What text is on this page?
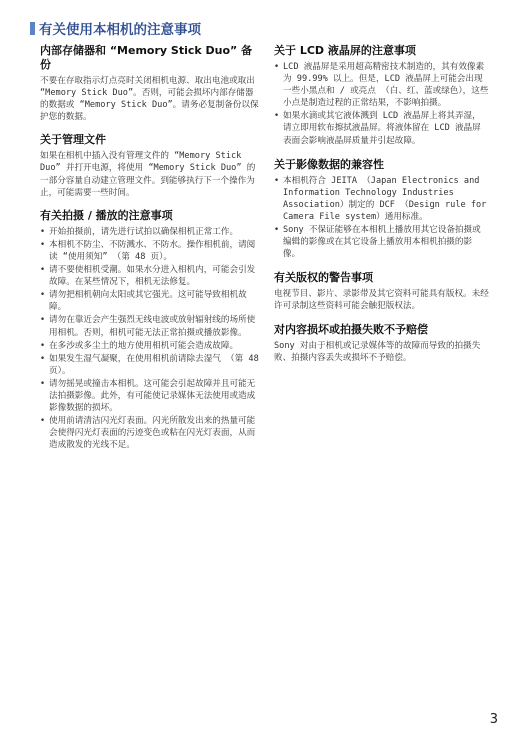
有关使用本相机的注意事项
内部存储器和 “Memory Stick Duo” 备份

不要在存取指示灯点亮时关闭相机电源、取出电池或取出 “Memory Stick Duo”。否则，可能会损坏内部存储器的数据或 “Memory Stick Duo”。请务必复制备份以保护您的数据。

关于管理文件

如果在相机中插入没有管理文件的 “Memory Stick Duo” 并打开电源，将使用 “Memory Stick Duo” 的一部分容量自动建立管理文件。到能够执行下一个操作为止，可能需要一些时间。

有关拍摄 / 播放的注意事项
• 开始拍摄前，请先进行试拍以确保相机正常工作。
• 本相机不防尘、不防溅水、不防水。操作相机前，请阅读 “使用须知” （第 48 页）。
• 请不要使相机受潮。如果水分进入相机内，可能会引发故障。在某些情况下，相机无法修复。
• 请勿把相机朝向太阳或其它强光。这可能导致相机故障。
• 请勿在靠近会产生强烈无线电波或放射辐射线的场所使用相机。否则，相机可能无法正常拍摄或播放影像。
• 在多沙或多尘土的地方使用相机可能会造成故障。
• 如果发生湿气凝聚，在使用相机前请除去湿气 （第 48 页）。
• 请勿摇晃或撞击本相机。这可能会引起故障并且可能无法拍摄影像。此外，有可能使记录媒体无法使用或造成影像数据的损坏。
• 使用前请清洁闪光灯表面。闪光所散发出来的热量可能会使得闪光灯表面的污迹变色或粘在闪光灯表面，从而造成散发的光线不足。
关于 LCD 液晶屏的注意事项
• LCD 液晶屏是采用超高精密技术制造的，其有效像素为 99.99% 以上。但是，LCD 液晶屏上可能会出现一些小黑点和 / 或亮点 （白、红、蓝或绿色），这些小点是制造过程的正常结果，不影响拍摄。
• 如果水滴或其它液体溅到 LCD 液晶屏上将其弄湿，请立即用软布擦拭液晶屏。将液体留在 LCD 液晶屏表面会影响液晶屏质量并引起故障。
关于影像数据的兼容性
• 本相机符合 JEITA （Japan Electronics and Information Technology Industries Association）制定的 DCF （Design rule for Camera File system）通用标准。
• Sony 不保证能够在本相机上播放用其它设备拍摄或编辑的影像或在其它设备上播放用本相机拍摄的影像。
有关版权的警告事项

电视节目、影片、录影带及其它资料可能具有版权。未经许可录制这些资料可能会触犯版权法。

对内容损坏或拍摄失败不予赔偿

Sony 对由于相机或记录媒体等的故障而导致的拍摄失败、拍摄内容丢失或损坏不予赔偿。

3
